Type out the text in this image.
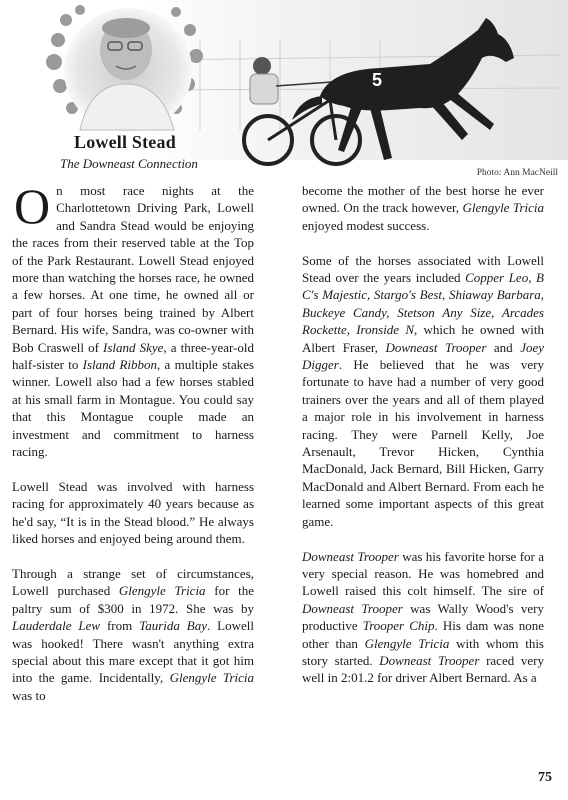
5
Lowell Stead
The Downeast Connection
Photo: Ann MacNeill
O n most race nights at the Charlottetown Driving Park, Lowell and Sandra Stead would be enjoying the races from their reserved table at the Top of the Park Restaurant. Lowell Stead enjoyed more than watching the horses race, he owned a few horses. At one time, he owned all or part of four horses being trained by Albert Bernard. His wife, Sandra, was co-owner with Bob Craswell of Island Skye, a three-year-old half-sister to Island Ribbon, a multiple stakes winner. Lowell also had a few horses stabled at his small farm in Montague. You could say that this Montague couple made an investment and commitment to harness racing.

Lowell Stead was involved with harness racing for approximately 40 years because as he'd say, “It is in the Stead blood.” He always liked horses and enjoyed being around them.

Through a strange set of circumstances, Lowell purchased Glengyle Tricia for the paltry sum of $300 in 1972. She was by Lauderdale Lew from Taurida Bay. Lowell was hooked! There wasn't anything extra special about this mare except that it got him into the game. Incidentally, Glengyle Tricia was to

become the mother of the best horse he ever owned. On the track however, Glengyle Tricia enjoyed modest success.

Some of the horses associated with Lowell Stead over the years included Copper Leo, B C's Majestic, Stargo's Best, Shiaway Barbara, Buckeye Candy, Stetson Any Size, Arcades Rockette, Ironside N, which he owned with Albert Fraser, Downeast Trooper and Joey Digger. He believed that he was very fortunate to have had a number of very good trainers over the years and all of them played a major role in his involvement in harness racing. They were Parnell Kelly, Joe Arsenault, Trevor Hicken, Cynthia MacDonald, Jack Bernard, Bill Hicken, Garry MacDonald and Albert Bernard. From each he learned some important aspects of this great game.

Downeast Trooper was his favorite horse for a very special reason. He was homebred and Lowell raised this colt himself. The sire of Downeast Trooper was Wally Wood's very productive Trooper Chip. His dam was none other than Glengyle Tricia with whom this story started. Downeast Trooper raced very well in 2:01.2 for driver Albert Bernard. As a

75
